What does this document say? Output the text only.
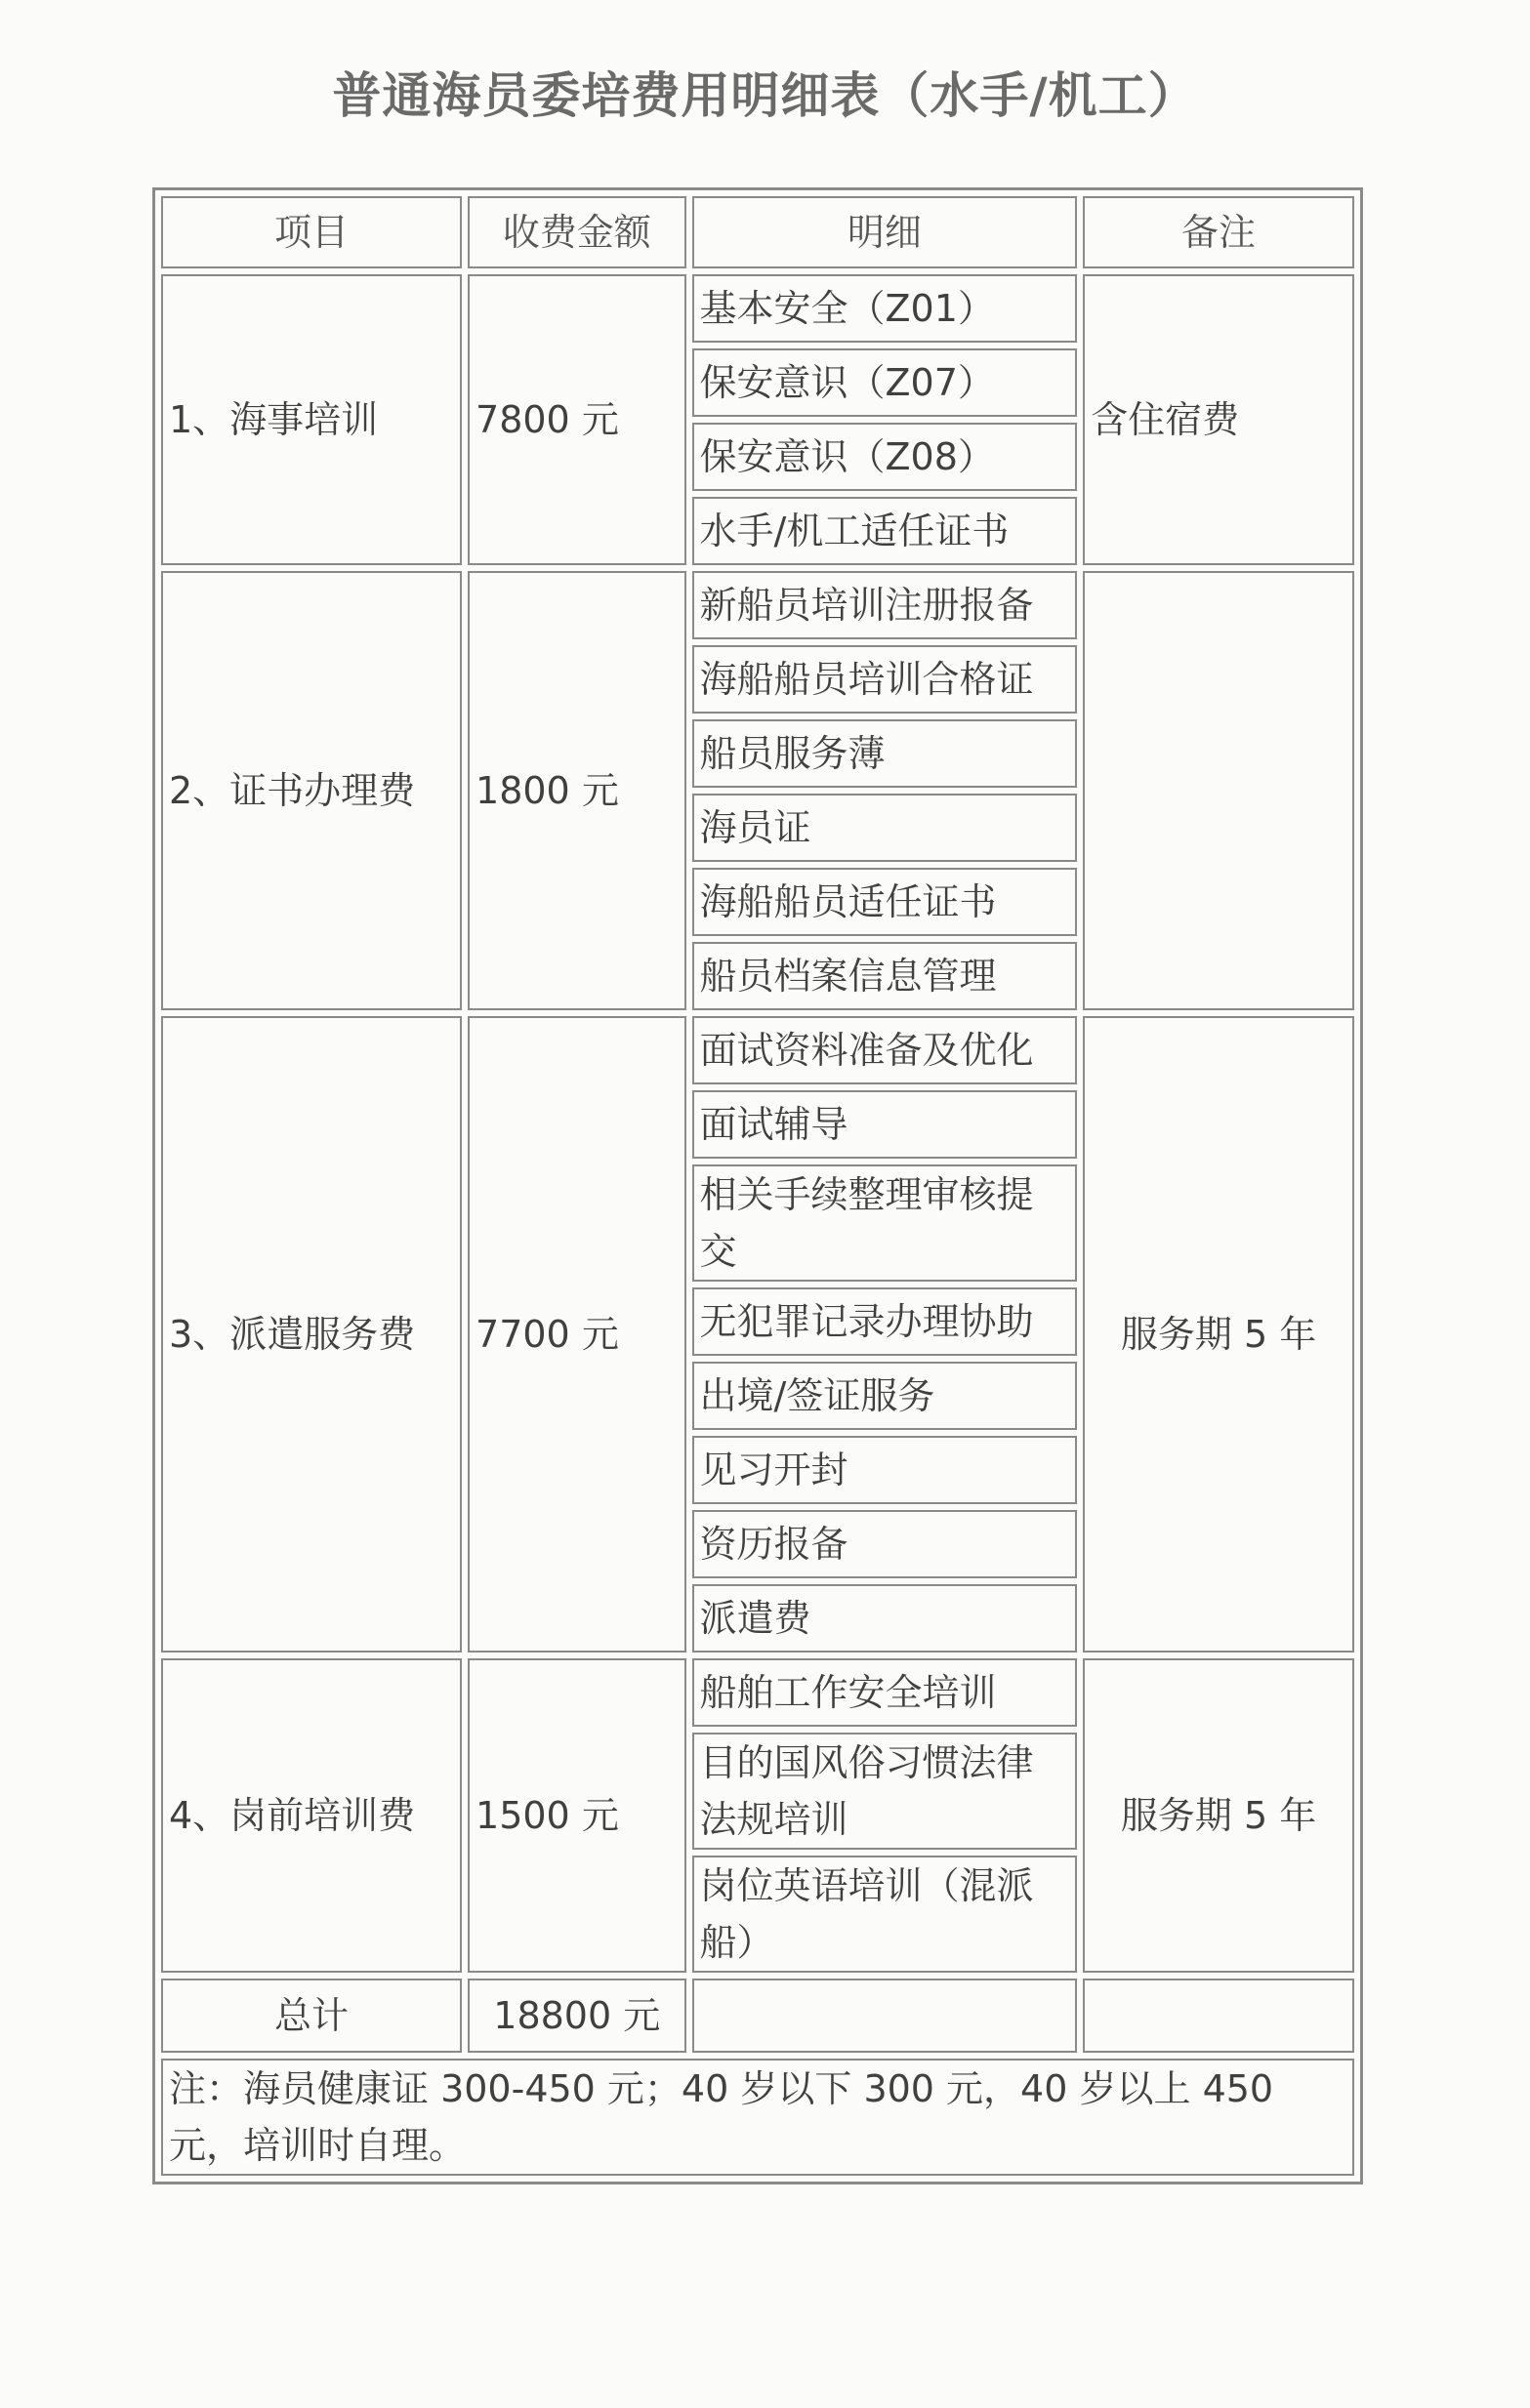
普通海员委培费用明细表（水手/机工）
项目	收费金额	明细	备注
1、海事培训	7800 元	基本安全（Z01）	含住宿费
		保安意识（Z07）	
		保安意识（Z08）	
		水手/机工适任证书	
2、证书办理费	1800 元	新船员培训注册报备	
		海船船员培训合格证	
		船员服务薄	
		海员证	
		海船船员适任证书	
		船员档案信息管理	
3、派遣服务费	7700 元	面试资料准备及优化	服务期 5 年
		面试辅导	
		相关手续整理审核提交	
		无犯罪记录办理协助	
		出境/签证服务	
		见习开封	
		资历报备	
		派遣费	
4、岗前培训费	1500 元	船舶工作安全培训	服务期 5 年
		目的国风俗习惯法律法规培训	
		岗位英语培训（混派船）	
总计	18800 元		
注：海员健康证 300-450 元；40 岁以下 300 元，40 岁以上 450 元，培训时自理。			
